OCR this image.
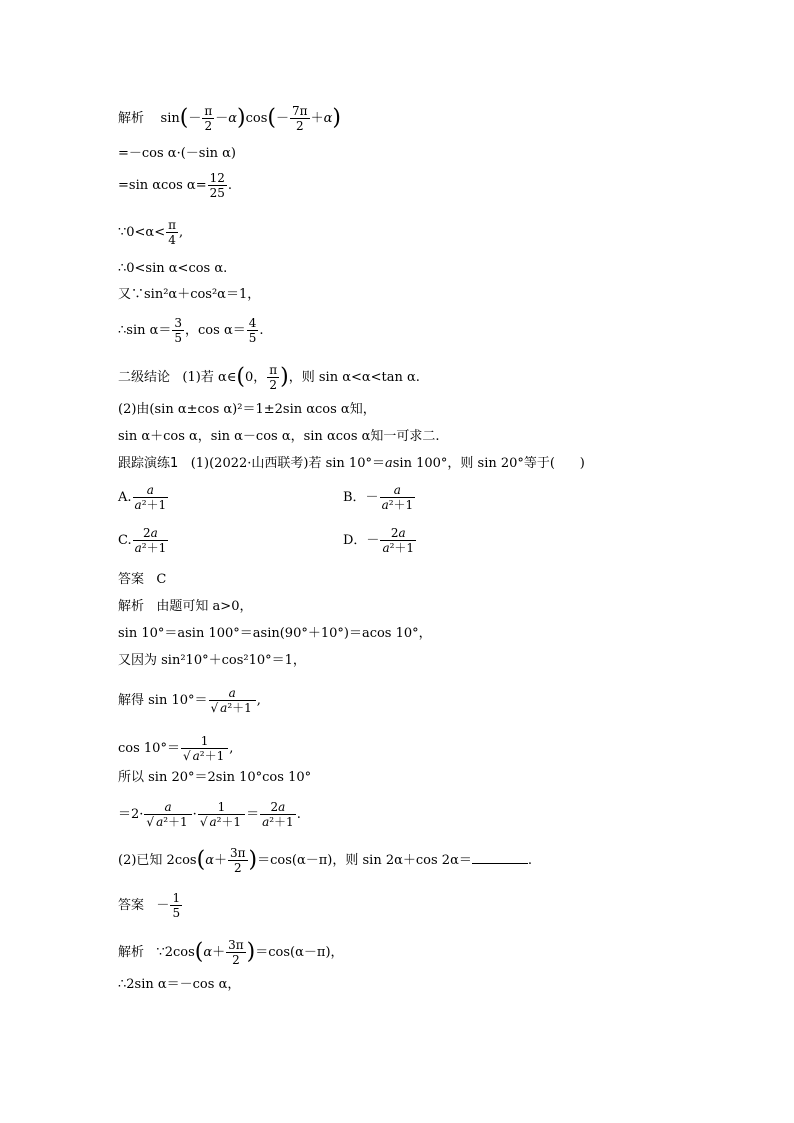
解析    $\sin(- \frac{\pi}{2} -\alpha)\cos(- \frac{7\pi}{2} +\alpha)$
=－cos α·(－sin α)
=sin αcos $\alpha= \frac{12}{25}$ .
∵0<α< $\frac{\pi}{4}$ ,
∴0<sin α<cos α.
又∵sin²α＋cos²α＝1，
∴sin $\alpha= \frac{3}{5}$ ，$\cos \alpha= \frac{4}{5}$ .
二级结论 (1)若 α∈(0， $\frac{\pi}{2}$ )，则 sin α<α<tan α.
(2)由(sin α±cos α)²＝1±2sin αcos α知，
sin α＋cos α，sin α－cos α，sin αcos α知一可求二.
跟踪演练1 (1)(2022·山西联考)若 sin 10°＝asin 100°，则 sin 20°等于( )
A. $\frac{a}{\text{a²＋1}}$	B．－ $\frac{a}{\text{a²＋1}}$
C. $\frac{2a}{\text{a²＋1}}$	D．－ $\frac{2a}{\text{a²＋1}}$
答案 C
解析 由题可知 a>0，
sin 10°＝asin 100°＝asin(90°＋10°)＝acos 10°，
又因为 sin²10°＋cos²10°＝1，
解得 $\sin 10^\circ= \frac{a}{\text{√ a²＋1}}$ ,
$\cos 10^\circ= \frac{1}{\text{√ a²＋1}}$ ,
所以 sin 20°＝2sin 10°cos 10°
$=2\cdot \frac{a}{\text{√ a²＋1}} \cdot \frac{1}{\text{√ a²＋1}} = \frac{2a}{\text{a²＋1}}$ .
(2)已知 $2\cos(\alpha+ \frac{3\pi}{2} )=\cos(\alpha-\pi)$，则 sin 2α＋cos 2α＝	.
答案 － $\frac{1}{5}$
解析 ∵2cos(α＋ $\frac{3\pi}{2} )=\cos(\alpha-\pi)$，
∴2sin α＝－cos α，
